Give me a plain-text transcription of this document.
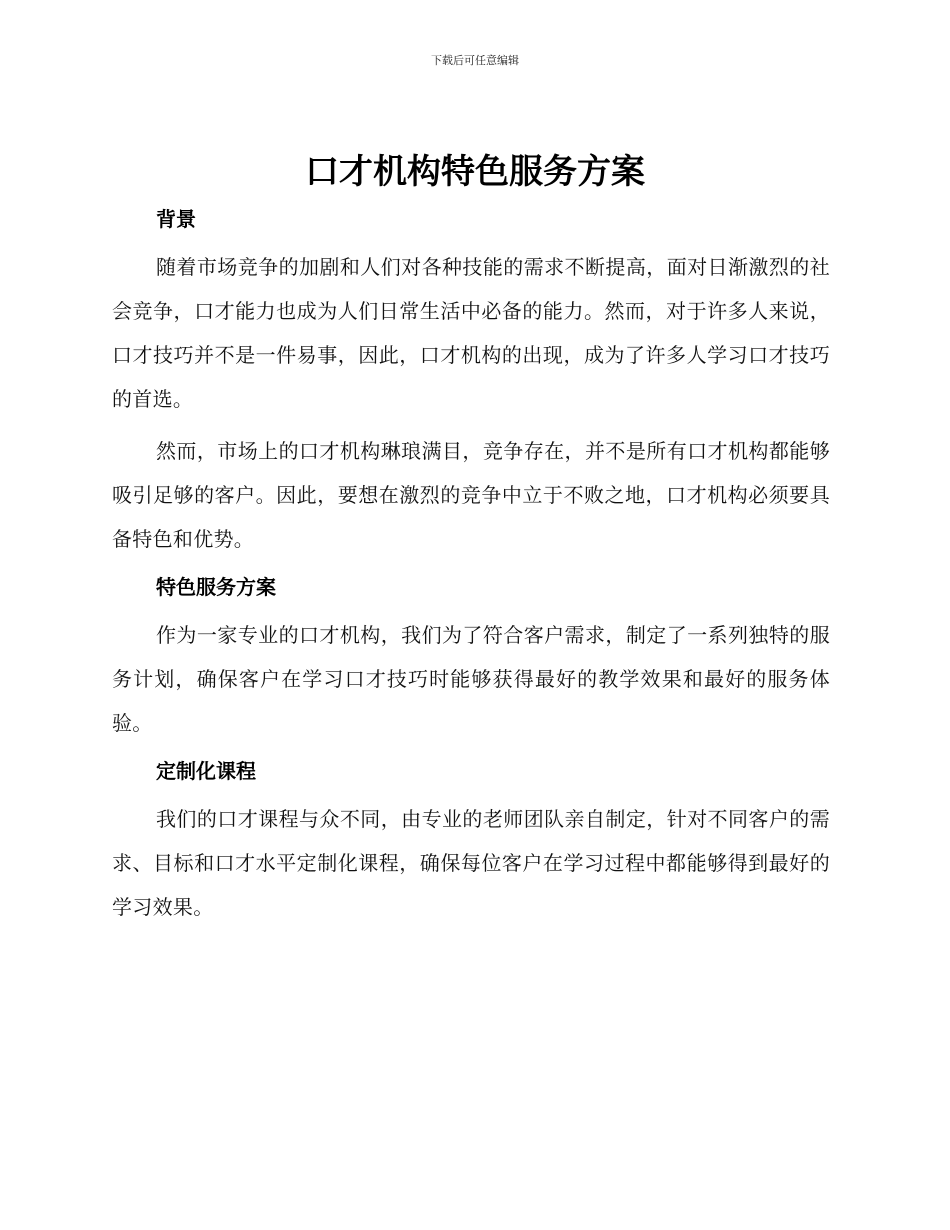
下载后可任意编辑
口才机构特色服务方案
背景

随着市场竞争的加剧和人们对各种技能的需求不断提高，面对日渐激烈的社会竞争，口才能力也成为人们日常生活中必备的能力。然而，对于许多人来说，口才技巧并不是一件易事，因此，口才机构的出现，成为了许多人学习口才技巧的首选。

然而，市场上的口才机构琳琅满目，竞争存在，并不是所有口才机构都能够吸引足够的客户。因此，要想在激烈的竞争中立于不败之地，口才机构必须要具备特色和优势。

特色服务方案

作为一家专业的口才机构，我们为了符合客户需求，制定了一系列独特的服务计划，确保客户在学习口才技巧时能够获得最好的教学效果和最好的服务体验。

定制化课程

我们的口才课程与众不同，由专业的老师团队亲自制定，针对不同客户的需求、目标和口才水平定制化课程，确保每位客户在学习过程中都能够得到最好的学习效果。
